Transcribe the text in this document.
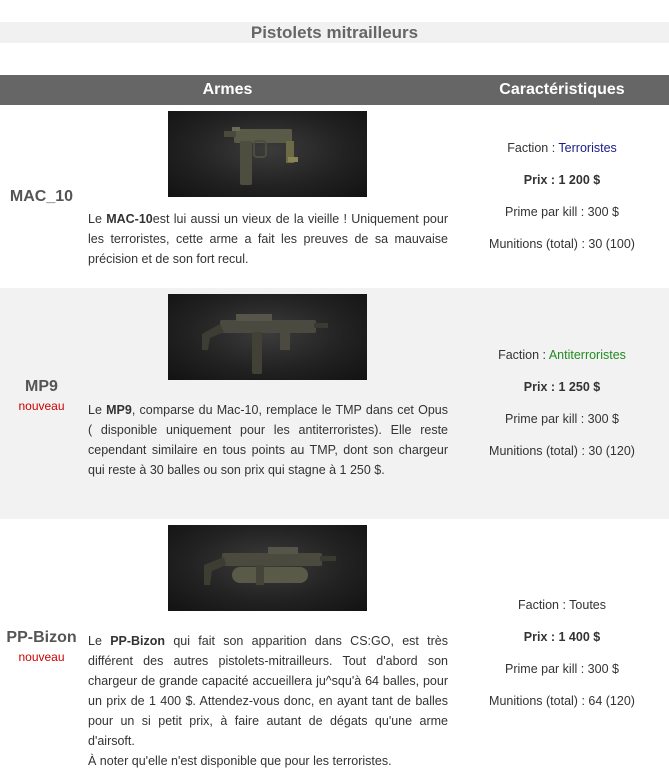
Pistolets mitrailleurs
Armes	Caractéristiques
MAC_10
Le MAC-10est lui aussi un vieux de la vieille ! Uniquement pour les terroristes, cette arme a fait les preuves de sa mauvaise précision et de son fort recul.

Faction : Terroristes

Prix : 1 200 $

Prime par kill : 300 $

Munitions (total) : 30 (100)

MP9
nouveau	Le MP9, comparse du Mac-10, remplace le TMP dans cet Opus ( disponible uniquement pour les antiterroristes). Elle reste cependant similaire en tous points au TMP, dont son chargeur qui reste à 30 balles ou son prix qui stagne à 1 250 $.

Faction : Antiterroristes

Prix : 1 250 $

Prime par kill : 300 $

Munitions (total) : 30 (120)

PP-Bizon
nouveau
Le PP-Bizon qui fait son apparition dans CS:GO, est très différent des autres pistolets-mitrailleurs. Tout d'abord son chargeur de grande capacité accueillera ju^squ'à 64 balles, pour un prix de 1 400 $. Attendez-vous donc, en ayant tant de balles pour un si petit prix, à faire autant de dégats qu'une arme d'airsoft.
À noter qu'elle n'est disponible que pour les terroristes.

Faction : Toutes

Prix : 1 400 $

Prime par kill : 300 $

Munitions (total) : 64 (120)
